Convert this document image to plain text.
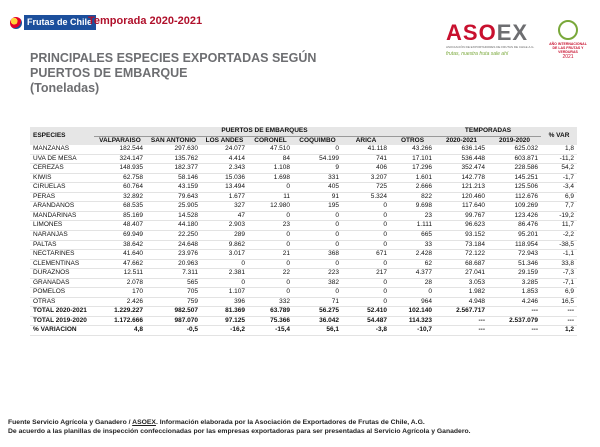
Frutas de Chile
Temporada 2020-2021	ASOEX
ASOCIACIÓN DE EXPORTADORES DE FRUTAS DE CHILE A.G.
frutas, nuestra fruta sale ahí
AÑO INTERNACIONAL DE LAS FRUTAS Y VERDURAS
2021
PRINCIPALES ESPECIES EXPORTADAS SEGÚN
PUERTOS DE EMBARQUE
(Toneladas)
ESPECIES	PUERTOS DE EMBARQUES							TEMPORADAS		% VAR
	VALPARAISO	SAN ANTONIO	LOS ANDES	CORONEL	COQUIMBO	ARICA	OTROS	2020-2021	2019-2020	
MANZANAS	182.544	297.630	24.077	47.510	0	41.118	43.266	636.145	625.032	1,8
UVA DE MESA	324.147	135.762	4.414	84	54.199	741	17.101	536.448	603.871	-11,2
CEREZAS	148.935	182.377	2.343	1.108	9	406	17.296	352.474	228.586	54,2
KIWIS	62.758	58.146	15.036	1.698	331	3.207	1.601	142.778	145.251	-1,7
CIRUELAS	60.764	43.159	13.494	0	405	725	2.666	121.213	125.506	-3,4
PERAS	32.892	79.643	1.677	11	91	5.324	822	120.460	112.676	6,9
ARANDANOS	68.535	25.905	327	12.980	195	0	9.698	117.640	109.269	7,7
MANDARINAS	85.169	14.528	47	0	0	0	23	99.767	123.426	-19,2
LIMONES	48.407	44.180	2.903	23	0	0	1.111	96.623	86.476	11,7
NARANJAS	69.949	22.250	289	0	0	0	665	93.152	95.201	-2,2
PALTAS	38.642	24.648	9.862	0	0	0	33	73.184	118.954	-38,5
NECTARINES	41.640	23.976	3.017	21	368	671	2.428	72.122	72.943	-1,1
CLEMENTINAS	47.662	20.963	0	0	0	0	62	68.687	51.346	33,8
DURAZNOS	12.511	7.311	2.381	22	223	217	4.377	27.041	29.159	-7,3
GRANADAS	2.078	565	0	0	382	0	28	3.053	3.285	-7,1
POMELOS	170	705	1.107	0	0	0	0	1.982	1.853	6,9
OTRAS	2.426	759	396	332	71	0	964	4.948	4.246	16,5
TOTAL 2020-2021	1.229.227	982.507	81.369	63.789	56.275	52.410	102.140	2.567.717	---	---
TOTAL 2019-2020	1.172.666	987.070	97.125	75.366	36.042	54.487	114.323	---	2.537.079	---
% VARIACIÓN	4,8	-0,5	-16,2	-15,4	56,1	-3,8	-10,7	---	---	1,2
Fuente Servicio Agrícola y Ganadero / ASOEX. Información elaborada por la Asociación de Exportadores de Frutas de Chile, A.G.
De acuerdo a las planillas de inspección confeccionadas por las empresas exportadoras para ser presentadas al Servicio Agrícola y Ganadero.
